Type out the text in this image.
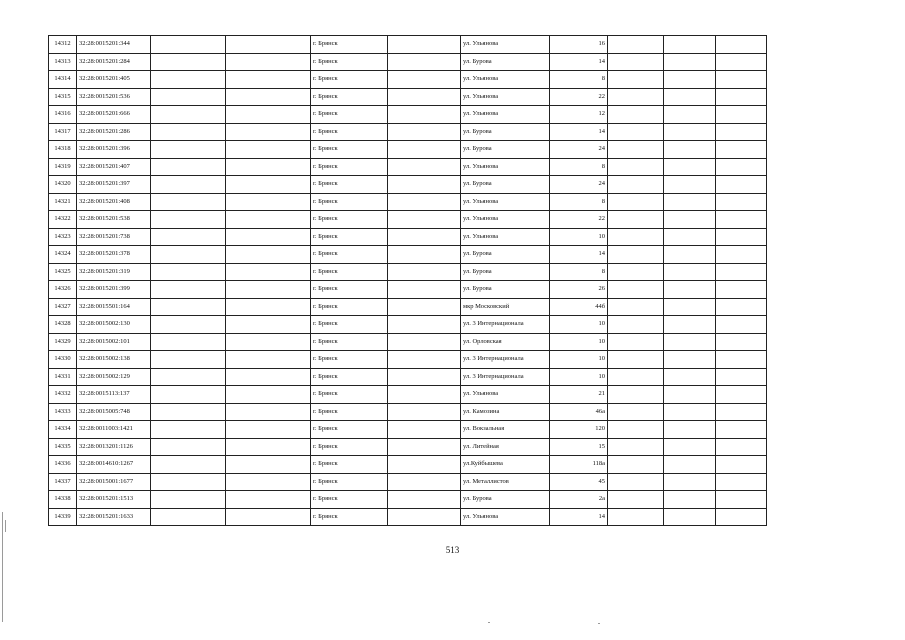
14312	32:28:0015201:344			г. Брянск		ул. Ульянова	16			
14313	32:28:0015201:284			г. Брянск		ул. Бурова	14			
14314	32:28:0015201:405			г. Брянск		ул. Ульянова	8			
14315	32:28:0015201:536			г. Брянск		ул. Ульянова	22			
14316	32:28:0015201:666			г. Брянск		ул. Ульянова	12			
14317	32:28:0015201:286			г. Брянск		ул. Бурова	14			
14318	32:28:0015201:396			г. Брянск		ул. Бурова	24			
14319	32:28:0015201:407			г. Брянск		ул. Ульянова	8			
14320	32:28:0015201:397			г. Брянск		ул. Бурова	24			
14321	32:28:0015201:408			г. Брянск		ул. Ульянова	8			
14322	32:28:0015201:538			г. Брянск		ул. Ульянова	22			
14323	32:28:0015201:738			г. Брянск		ул. Ульянова	10			
14324	32:28:0015201:378			г. Брянск		ул. Бурова	14			
14325	32:28:0015201:319			г. Брянск		ул. Бурова	8			
14326	32:28:0015201:399			г. Брянск		ул. Бурова	26			
14327	32:28:0015501:164			г. Брянск		мкр Московский	44б			
14328	32:28:0015002:130			г. Брянск		ул. 3 Интернационала	10			
14329	32:28:0015002:101			г. Брянск		ул. Орловская	10			
14330	32:28:0015002:138			г. Брянск		ул. 3 Интернационала	10			
14331	32:28:0015002:129			г. Брянск		ул. 3 Интернационала	10			
14332	32:28:0015113:137			г. Брянск		ул. Ульянова	21			
14333	32:28:0015005:748			г. Брянск		ул. Камозина	46а			
14334	32:28:0011003:1421			г. Брянск		ул. Вокзальная	120			
14335	32:28:0013201:1126			г. Брянск		ул. Литейная	15			
14336	32:28:0014610:1267			г. Брянск		ул.Куйбышева	118а			
14337	32:28:0015001:1677			г. Брянск		ул. Металлистов	45			
14338	32:28:0015201:1513			г. Брянск		ул. Бурова	2а			
14339	32:28:0015201:1633			г. Брянск		ул. Ульянова	14			
513
